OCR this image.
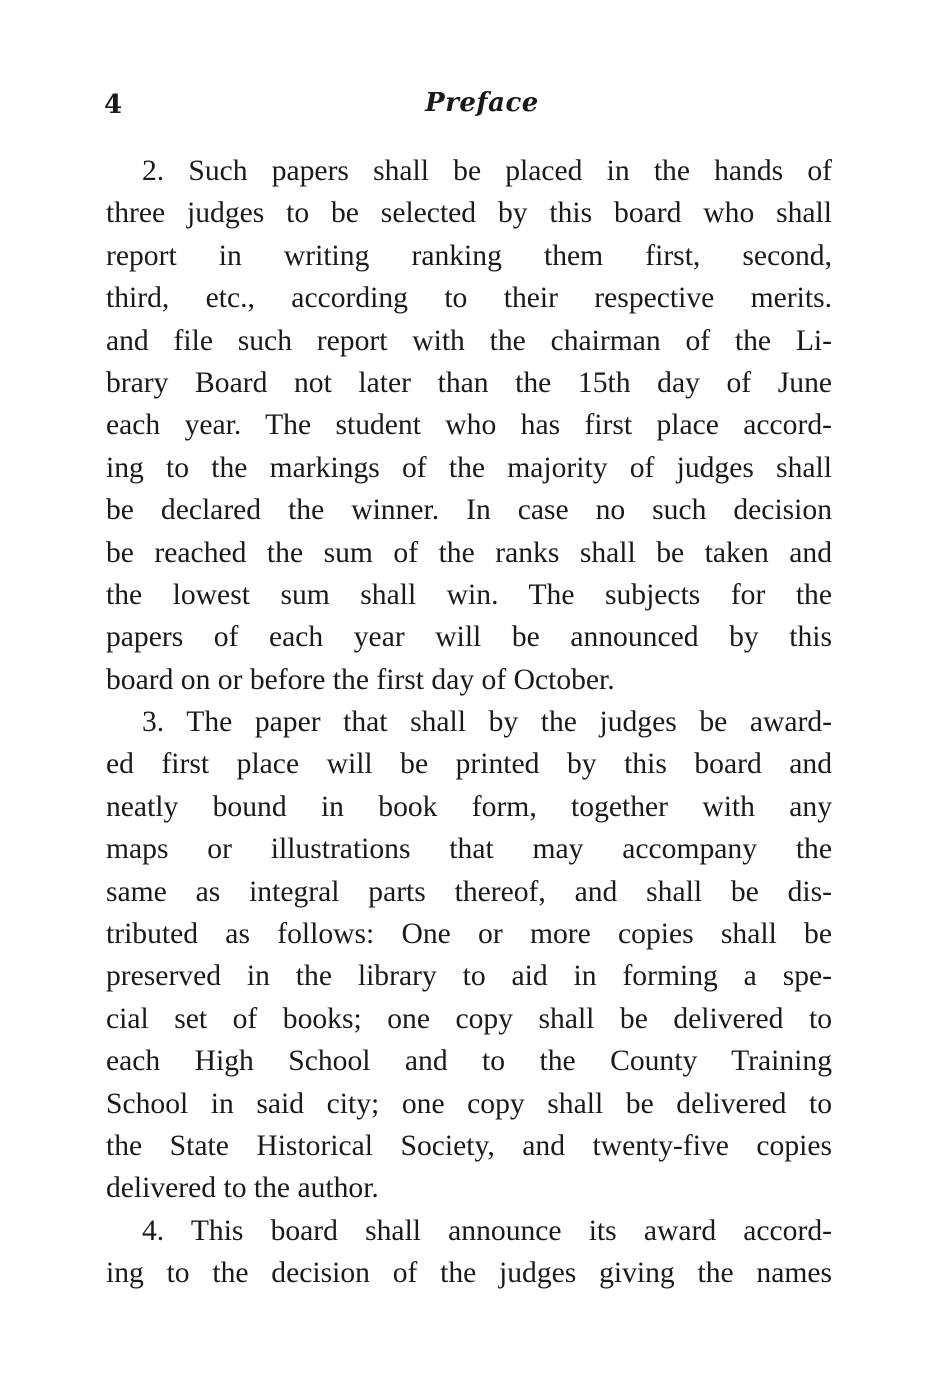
4	Preface
2. Such papers shall be placed in the hands of
three judges to be selected by this board who shall
report in writing ranking them first, second,
third, etc., according to their respective merits.
and file such report with the chairman of the Li-
brary Board not later than the 15th day of June
each year. The student who has first place accord-
ing to the markings of the majority of judges shall
be declared the winner. In case no such decision
be reached the sum of the ranks shall be taken and
the lowest sum shall win. The subjects for the
papers of each year will be announced by this
board on or before the first day of October.
3. The paper that shall by the judges be award-
ed first place will be printed by this board and
neatly bound in book form, together with any
maps or illustrations that may accompany the
same as integral parts thereof, and shall be dis-
tributed as follows: One or more copies shall be
preserved in the library to aid in forming a spe-
cial set of books; one copy shall be delivered to
each High School and to the County Training
School in said city; one copy shall be delivered to
the State Historical Society, and twenty-five copies
delivered to the author.
4. This board shall announce its award accord-
ing to the decision of the judges giving the names
